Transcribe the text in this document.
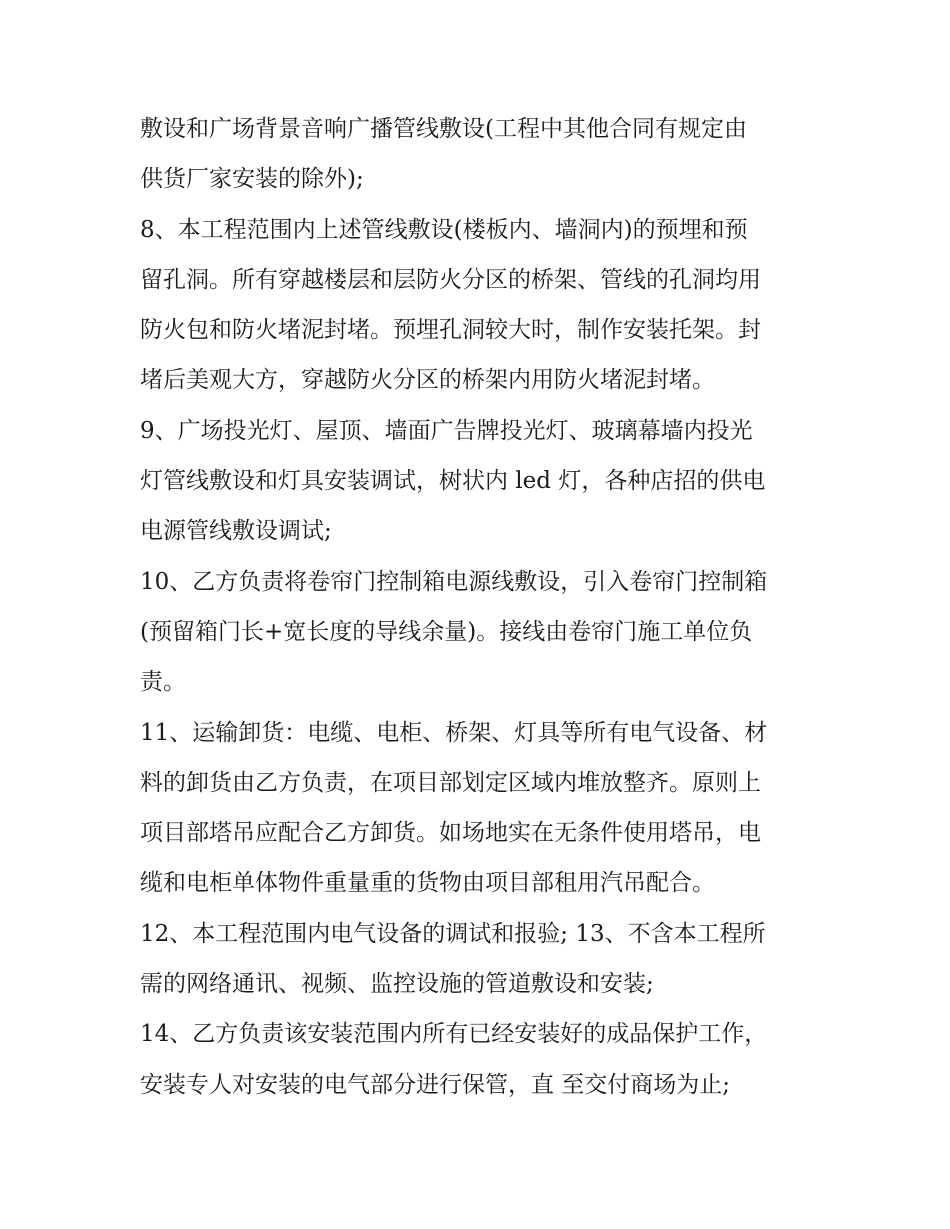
敷设和广场背景音响广播管线敷设(工程中其他合同有规定由
供货厂家安装的除外);
8、本工程范围内上述管线敷设(楼板内、墙洞内)的预埋和预
留孔洞。所有穿越楼层和层防火分区的桥架、管线的孔洞均用
防火包和防火堵泥封堵。预埋孔洞较大时，制作安装托架。封
堵后美观大方，穿越防火分区的桥架内用防火堵泥封堵。
9、广场投光灯、屋顶、墙面广告牌投光灯、玻璃幕墙内投光
灯管线敷设和灯具安装调试，树状内 led 灯，各种店招的供电
电源管线敷设调试;
10、乙方负责将卷帘门控制箱电源线敷设，引入卷帘门控制箱
(预留箱门长+宽长度的导线余量)。接线由卷帘门施工单位负
责。
11、运输卸货：电缆、电柜、桥架、灯具等所有电气设备、材
料的卸货由乙方负责，在项目部划定区域内堆放整齐。原则上
项目部塔吊应配合乙方卸货。如场地实在无条件使用塔吊，电
缆和电柜单体物件重量重的货物由项目部租用汽吊配合。
12、本工程范围内电气设备的调试和报验; 13、不含本工程所
需的网络通讯、视频、监控设施的管道敷设和安装;
14、乙方负责该安装范围内所有已经安装好的成品保护工作，
安装专人对安装的电气部分进行保管，直 至交付商场为止;
